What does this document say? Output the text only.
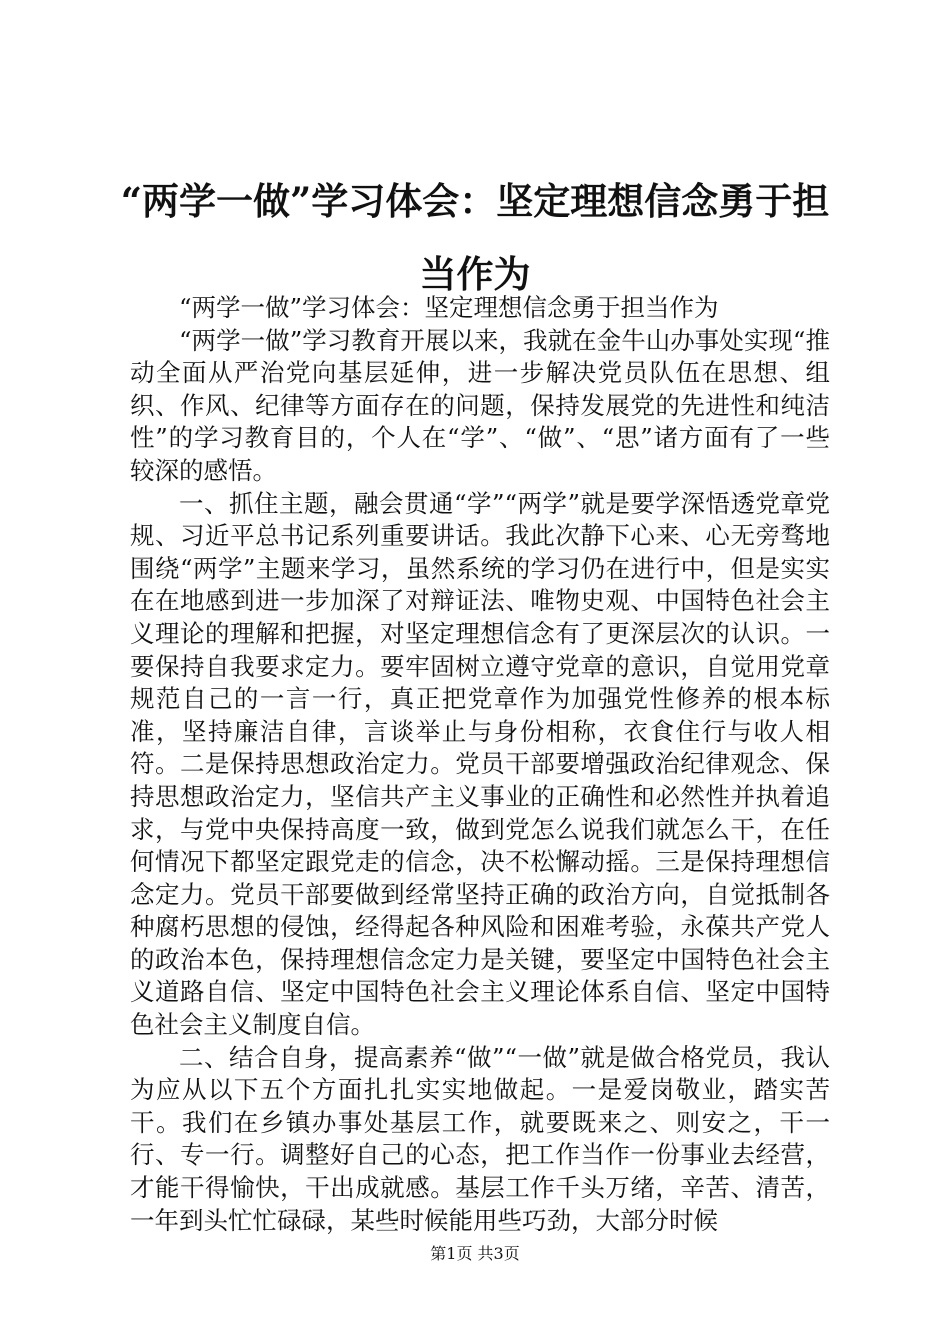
“两学一做”学习体会：坚定理想信念勇于担当作为

“两学一做”学习体会：坚定理想信念勇于担当作为

“两学一做”学习教育开展以来，我就在金牛山办事处实现“推动全面从严治党向基层延伸，进一步解决党员队伍在思想、组织、作风、纪律等方面存在的问题，保持发展党的先进性和纯洁性”的学习教育目的，个人在“学”、“做”、“思”诸方面有了一些较深的感悟。

一、抓住主题，融会贯通“学”“两学”就是要学深悟透党章党规、习近平总书记系列重要讲话。我此次静下心来、心无旁骛地围绕“两学”主题来学习，虽然系统的学习仍在进行中，但是实实在在地感到进一步加深了对辩证法、唯物史观、中国特色社会主义理论的理解和把握，对坚定理想信念有了更深层次的认识。一要保持自我要求定力。要牢固树立遵守党章的意识，自觉用党章规范自己的一言一行，真正把党章作为加强党性修养的根本标准，坚持廉洁自律，言谈举止与身份相称，衣食住行与收人相符。二是保持思想政治定力。党员干部要增强政治纪律观念、保持思想政治定力，坚信共产主义事业的正确性和必然性并执着追求，与党中央保持高度一致，做到党怎么说我们就怎么干，在任何情况下都坚定跟党走的信念，决不松懈动摇。三是保持理想信念定力。党员干部要做到经常坚持正确的政治方向，自觉抵制各种腐朽思想的侵蚀，经得起各种风险和困难考验，永葆共产党人的政治本色，保持理想信念定力是关键，要坚定中国特色社会主义道路自信、坚定中国特色社会主义理论体系自信、坚定中国特色社会主义制度自信。

二、结合自身，提高素养“做”“一做”就是做合格党员，我认为应从以下五个方面扎扎实实地做起。一是爱岗敬业，踏实苦干。我们在乡镇办事处基层工作，就要既来之、则安之，干一行、专一行。调整好自己的心态，把工作当作一份事业去经营，才能干得愉快，干出成就感。基层工作千头万绪，辛苦、清苦，一年到头忙忙碌碌，某些时候能用些巧劲，大部分时候

第1页 共3页
